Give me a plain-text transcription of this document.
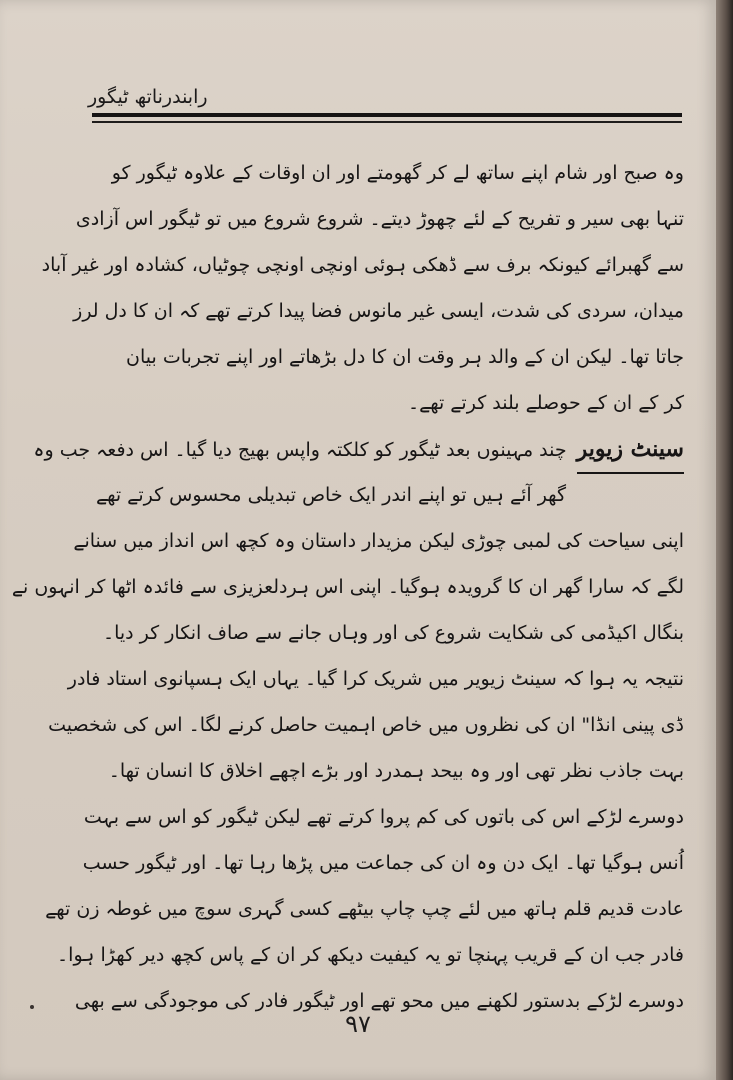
رابندرناتھ ٹیگور
وہ صبح اور شام اپنے ساتھ لے کر گھومتے اور ان اوقات کے علاوہ ٹیگور کو
تنہا بھی سیر و تفریح کے لئے چھوڑ دیتے۔ شروع شروع میں تو ٹیگور اس آزادی
سے گھبرائے کیونکہ برف سے ڈھکی ہوئی اونچی اونچی چوٹیاں، کشادہ اور غیر آباد
میدان، سردی کی شدت، ایسی غیر مانوس فضا پیدا کرتے تھے کہ ان کا دل لرز
جاتا تھا۔ لیکن ان کے والد ہر وقت ان کا دل بڑھاتے اور اپنے تجربات بیان
کر کے ان کے حوصلے بلند کرتے تھے۔
سینٹ زیویرچند مہینوں بعد ٹیگور کو کلکتہ واپس بھیج دیا گیا۔ اس دفعہ جب وہ
گھر آئے ہیں تو اپنے اندر ایک خاص تبدیلی محسوس کرتے تھے
اپنی سیاحت کی لمبی چوڑی لیکن مزیدار داستان وہ کچھ اس انداز میں سنانے
لگے کہ سارا گھر ان کا گرویدہ ہوگیا۔ اپنی اس ہردلعزیزی سے فائدہ اٹھا کر انہوں نے
بنگال اکیڈمی کی شکایت شروع کی اور وہاں جانے سے صاف انکار کر دیا۔
نتیجہ یہ ہوا کہ سینٹ زیویر میں شریک کرا گیا۔ یہاں ایک ہسپانوی استاد فادر
ڈی پینی انڈا" ان کی نظروں میں خاص اہمیت حاصل کرنے لگا۔ اس کی شخصیت
بہت جاذب نظر تھی اور وہ بیحد ہمدرد اور بڑے اچھے اخلاق کا انسان تھا۔
دوسرے لڑکے اس کی باتوں کی کم پروا کرتے تھے لیکن ٹیگور کو اس سے بہت
اُنس ہوگیا تھا۔ ایک دن وہ ان کی جماعت میں پڑھا رہا تھا۔ اور ٹیگور حسب
عادت قدیم قلم ہاتھ میں لئے چپ چاپ بیٹھے کسی گہری سوچ میں غوطہ زن تھے
فادر جب ان کے قریب پہنچا تو یہ کیفیت دیکھ کر ان کے پاس کچھ دیر کھڑا ہوا۔
دوسرے لڑکے بدستور لکھنے میں محو تھے اور ٹیگور فادر کی موجودگی سے بھی
۹۷
